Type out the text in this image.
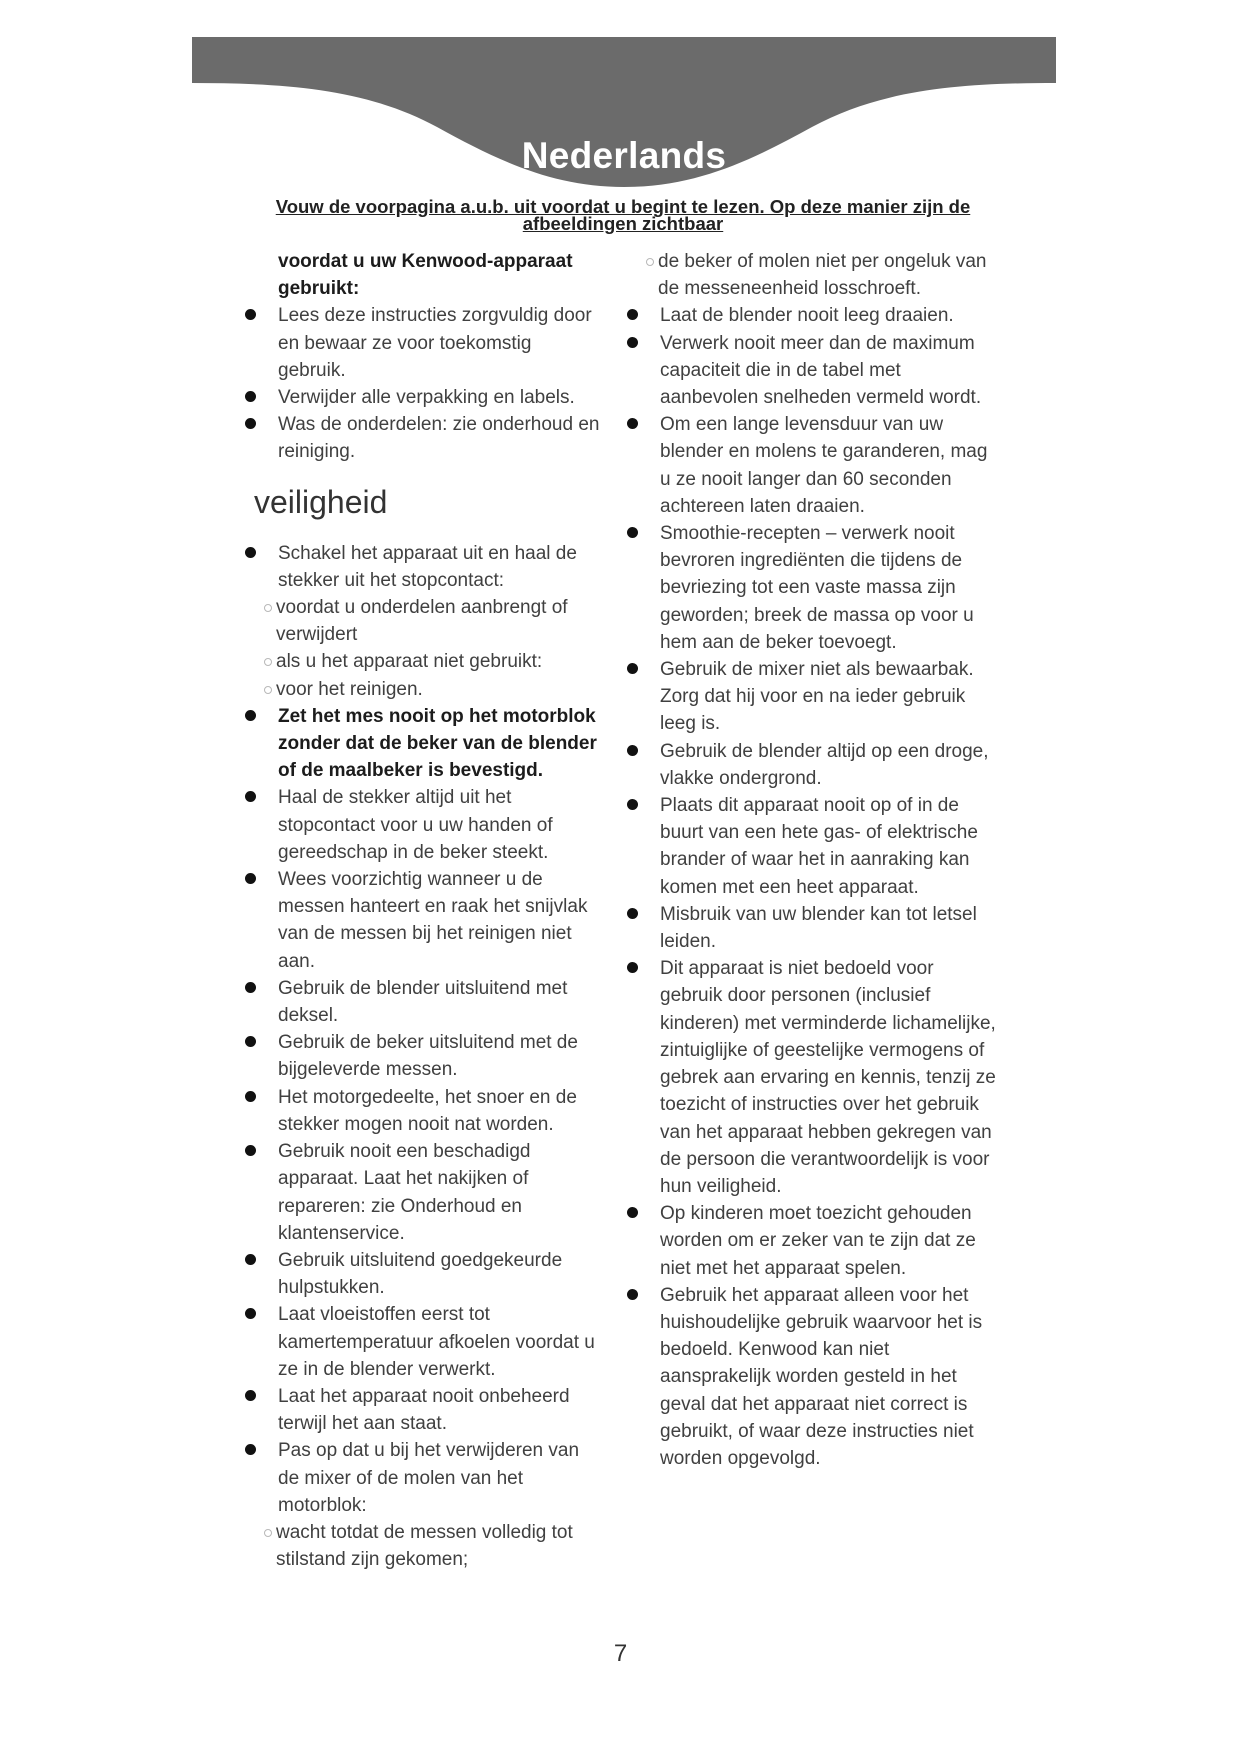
Nederlands
Vouw de voorpagina a.u.b. uit voordat u begint te lezen. Op deze manier zijn de afbeeldingen zichtbaar
voordat u uw Kenwood-apparaat gebruikt:
Lees deze instructies zorgvuldig door en bewaar ze voor toekomstig gebruik.
Verwijder alle verpakking en labels.
Was de onderdelen: zie onderhoud en reiniging.
veiligheid
Schakel het apparaat uit en haal de stekker uit het stopcontact:
voordat u onderdelen aanbrengt of verwijdert
als u het apparaat niet gebruikt:
voor het reinigen.
Zet het mes nooit op het motorblok zonder dat de beker van de blender of de maalbeker is bevestigd.
Haal de stekker altijd uit het stopcontact voor u uw handen of gereedschap in de beker steekt.
Wees voorzichtig wanneer u de messen hanteert en raak het snijvlak van de messen bij het reinigen niet aan.
Gebruik de blender uitsluitend met deksel.
Gebruik de beker uitsluitend met de bijgeleverde messen.
Het motorgedeelte, het snoer en de stekker mogen nooit nat worden.
Gebruik nooit een beschadigd apparaat. Laat het nakijken of repareren: zie Onderhoud en klantenservice.
Gebruik uitsluitend goedgekeurde hulpstukken.
Laat vloeistoffen eerst tot kamertemperatuur afkoelen voordat u ze in de blender verwerkt.
Laat het apparaat nooit onbeheerd terwijl het aan staat.
Pas op dat u bij het verwijderen van de mixer of de molen van het motorblok:
wacht totdat de messen volledig tot stilstand zijn gekomen;
de beker of molen niet per ongeluk van de messeneenheid losschroeft.
Laat de blender nooit leeg draaien.
Verwerk nooit meer dan de maximum capaciteit die in de tabel met aanbevolen snelheden vermeld wordt.
Om een lange levensduur van uw blender en molens te garanderen, mag u ze nooit langer dan 60 seconden achtereen laten draaien.
Smoothie-recepten – verwerk nooit bevroren ingrediënten die tijdens de bevriezing tot een vaste massa zijn geworden; breek de massa op voor u hem aan de beker toevoegt.
Gebruik de mixer niet als bewaarbak. Zorg dat hij voor en na ieder gebruik leeg is.
Gebruik de blender altijd op een droge, vlakke ondergrond.
Plaats dit apparaat nooit op of in de buurt van een hete gas- of elektrische brander of waar het in aanraking kan komen met een heet apparaat.
Misbruik van uw blender kan tot letsel leiden.
Dit apparaat is niet bedoeld voor gebruik door personen (inclusief kinderen) met verminderde lichamelijke, zintuiglijke of geestelijke vermogens of gebrek aan ervaring en kennis, tenzij ze toezicht of instructies over het gebruik van het apparaat hebben gekregen van de persoon die verantwoordelijk is voor hun veiligheid.
Op kinderen moet toezicht gehouden worden om er zeker van te zijn dat ze niet met het apparaat spelen.
Gebruik het apparaat alleen voor het huishoudelijke gebruik waarvoor het is bedoeld. Kenwood kan niet aansprakelijk worden gesteld in het geval dat het apparaat niet correct is gebruikt, of waar deze instructies niet worden opgevolgd.
7
